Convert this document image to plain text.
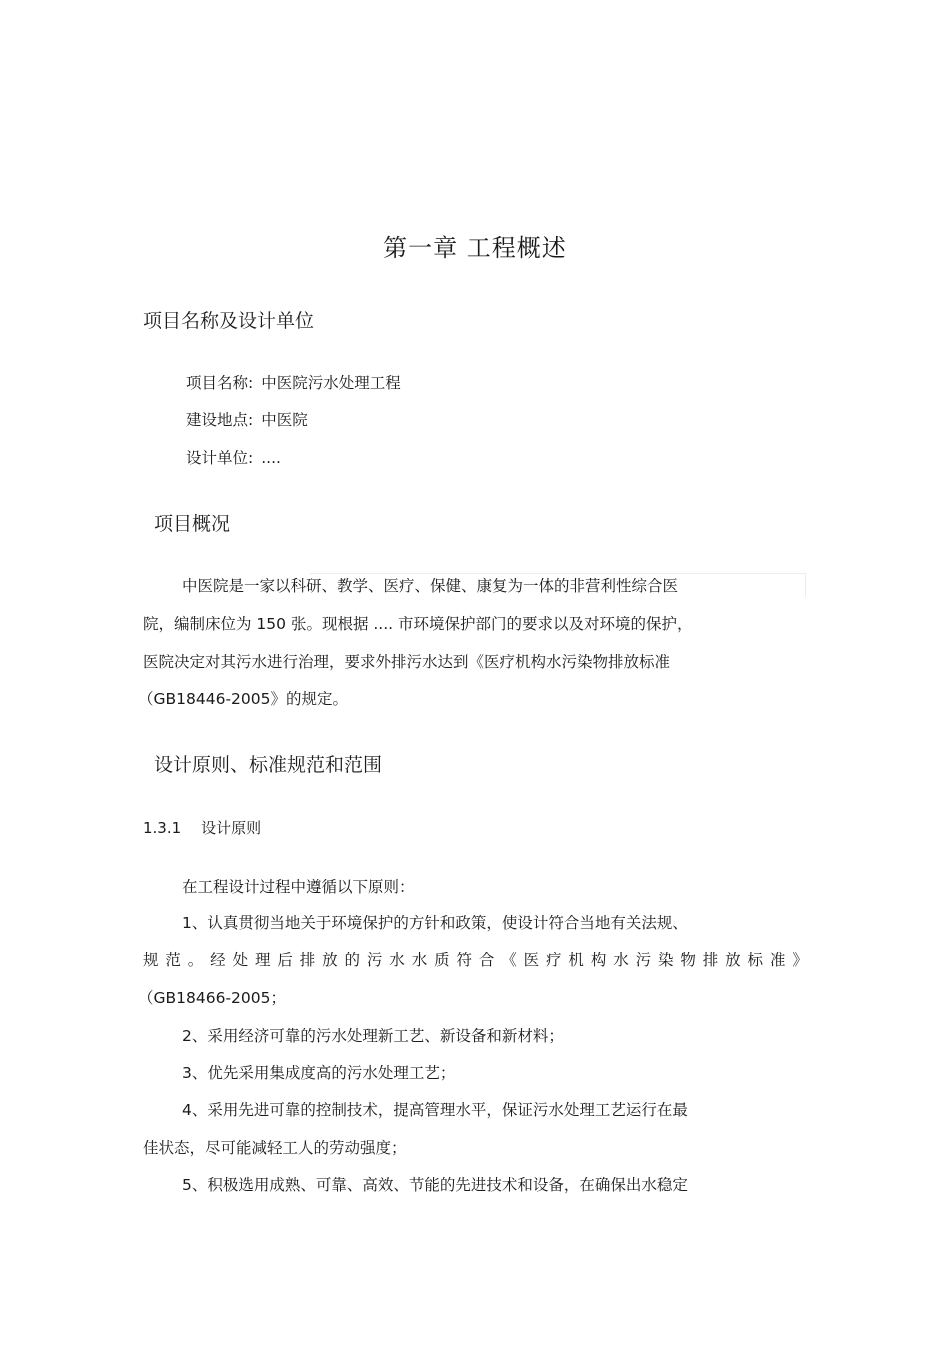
第一章 工程概述
项目名称及设计单位
项目名称: 中医院污水处理工程
建设地点: 中医院
设计单位:....
项目概况
中医院是一家以科研、教学、医疗、保健、康复为一体的非营利性综合医
院，编制床位为 150 张。现根据 .... 市环境保护部门的要求以及对环境的保护，
医院决定对其污水进行治理，要求外排污水达到《医疗机构水污染物排放标准
（GB18446-2005》的规定。
设计原则、标准规范和范围
1.3.1 设计原则
在工程设计过程中遵循以下原则：
1、认真贯彻当地关于环境保护的方针和政策，使设计符合当地有关法规、
规 范 。 经 处 理 后 排 放 的 污 水 水 质 符 合 《 医 疗 机 构 水 污 染 物 排 放 标 准 》
（GB18466-2005；
2、采用经济可靠的污水处理新工艺、新设备和新材料；
3、优先采用集成度高的污水处理工艺；
4、采用先进可靠的控制技术，提高管理水平，保证污水处理工艺运行在最
佳状态，尽可能减轻工人的劳动强度；
5、积极选用成熟、可靠、高效、节能的先进技术和设备，在确保出水稳定
